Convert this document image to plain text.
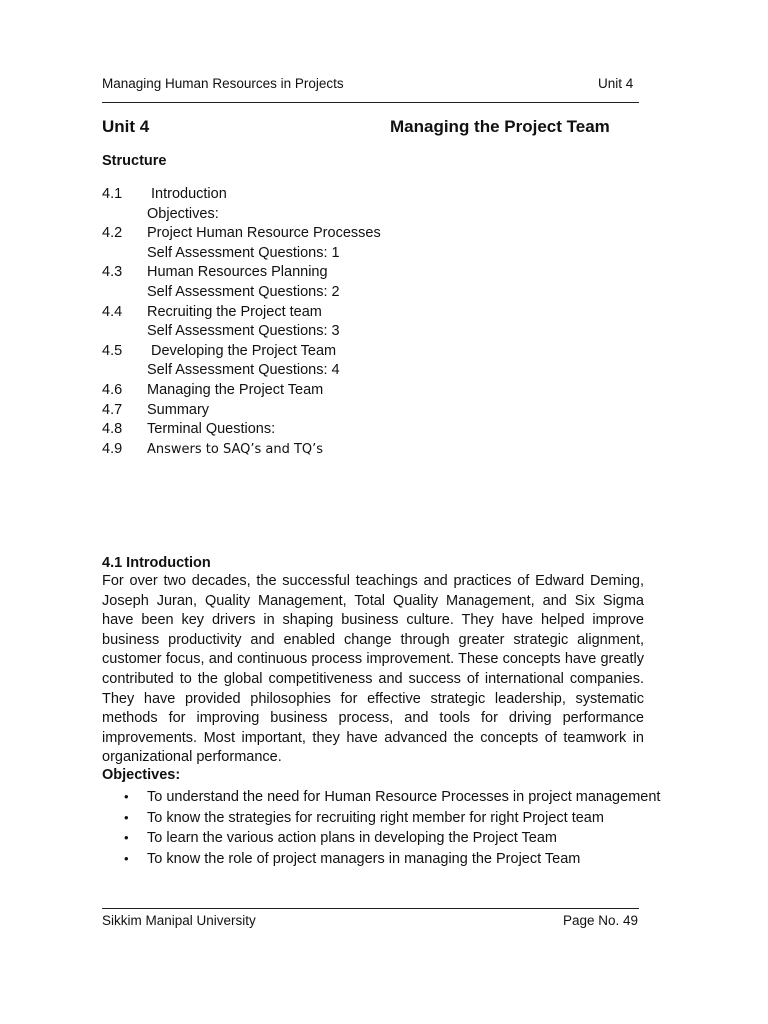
Managing Human Resources in Projects	Unit 4
Unit 4	Managing the Project Team
Structure
4.1 Introduction
Objectives:
4.2 Project Human Resource Processes
Self Assessment Questions: 1
4.3 Human Resources Planning
Self Assessment Questions: 2
4.4 Recruiting the Project team
Self Assessment Questions: 3
4.5 Developing the Project Team
Self Assessment Questions: 4
4.6 Managing the Project Team
4.7 Summary
4.8 Terminal Questions:
4.9 Answers to SAQ’s and TQ’s
4.1 Introduction
For over two decades, the successful teachings and practices of Edward Deming, Joseph Juran, Quality Management, Total Quality Management, and Six Sigma have been key drivers in shaping business culture. They have helped improve business productivity and enabled change through greater strategic alignment, customer focus, and continuous process improvement. These concepts have greatly contributed to the global competitiveness and success of international companies. They have provided philosophies for effective strategic leadership, systematic methods for improving business process, and tools for driving performance improvements. Most important, they have advanced the concepts of teamwork in organizational performance.
Objectives:
• To understand the need for Human Resource Processes in project management
• To know the strategies for recruiting right member for right Project team
• To learn the various action plans in developing the Project Team
• To know the role of project managers in managing the Project Team
Sikkim Manipal University	Page No. 49
